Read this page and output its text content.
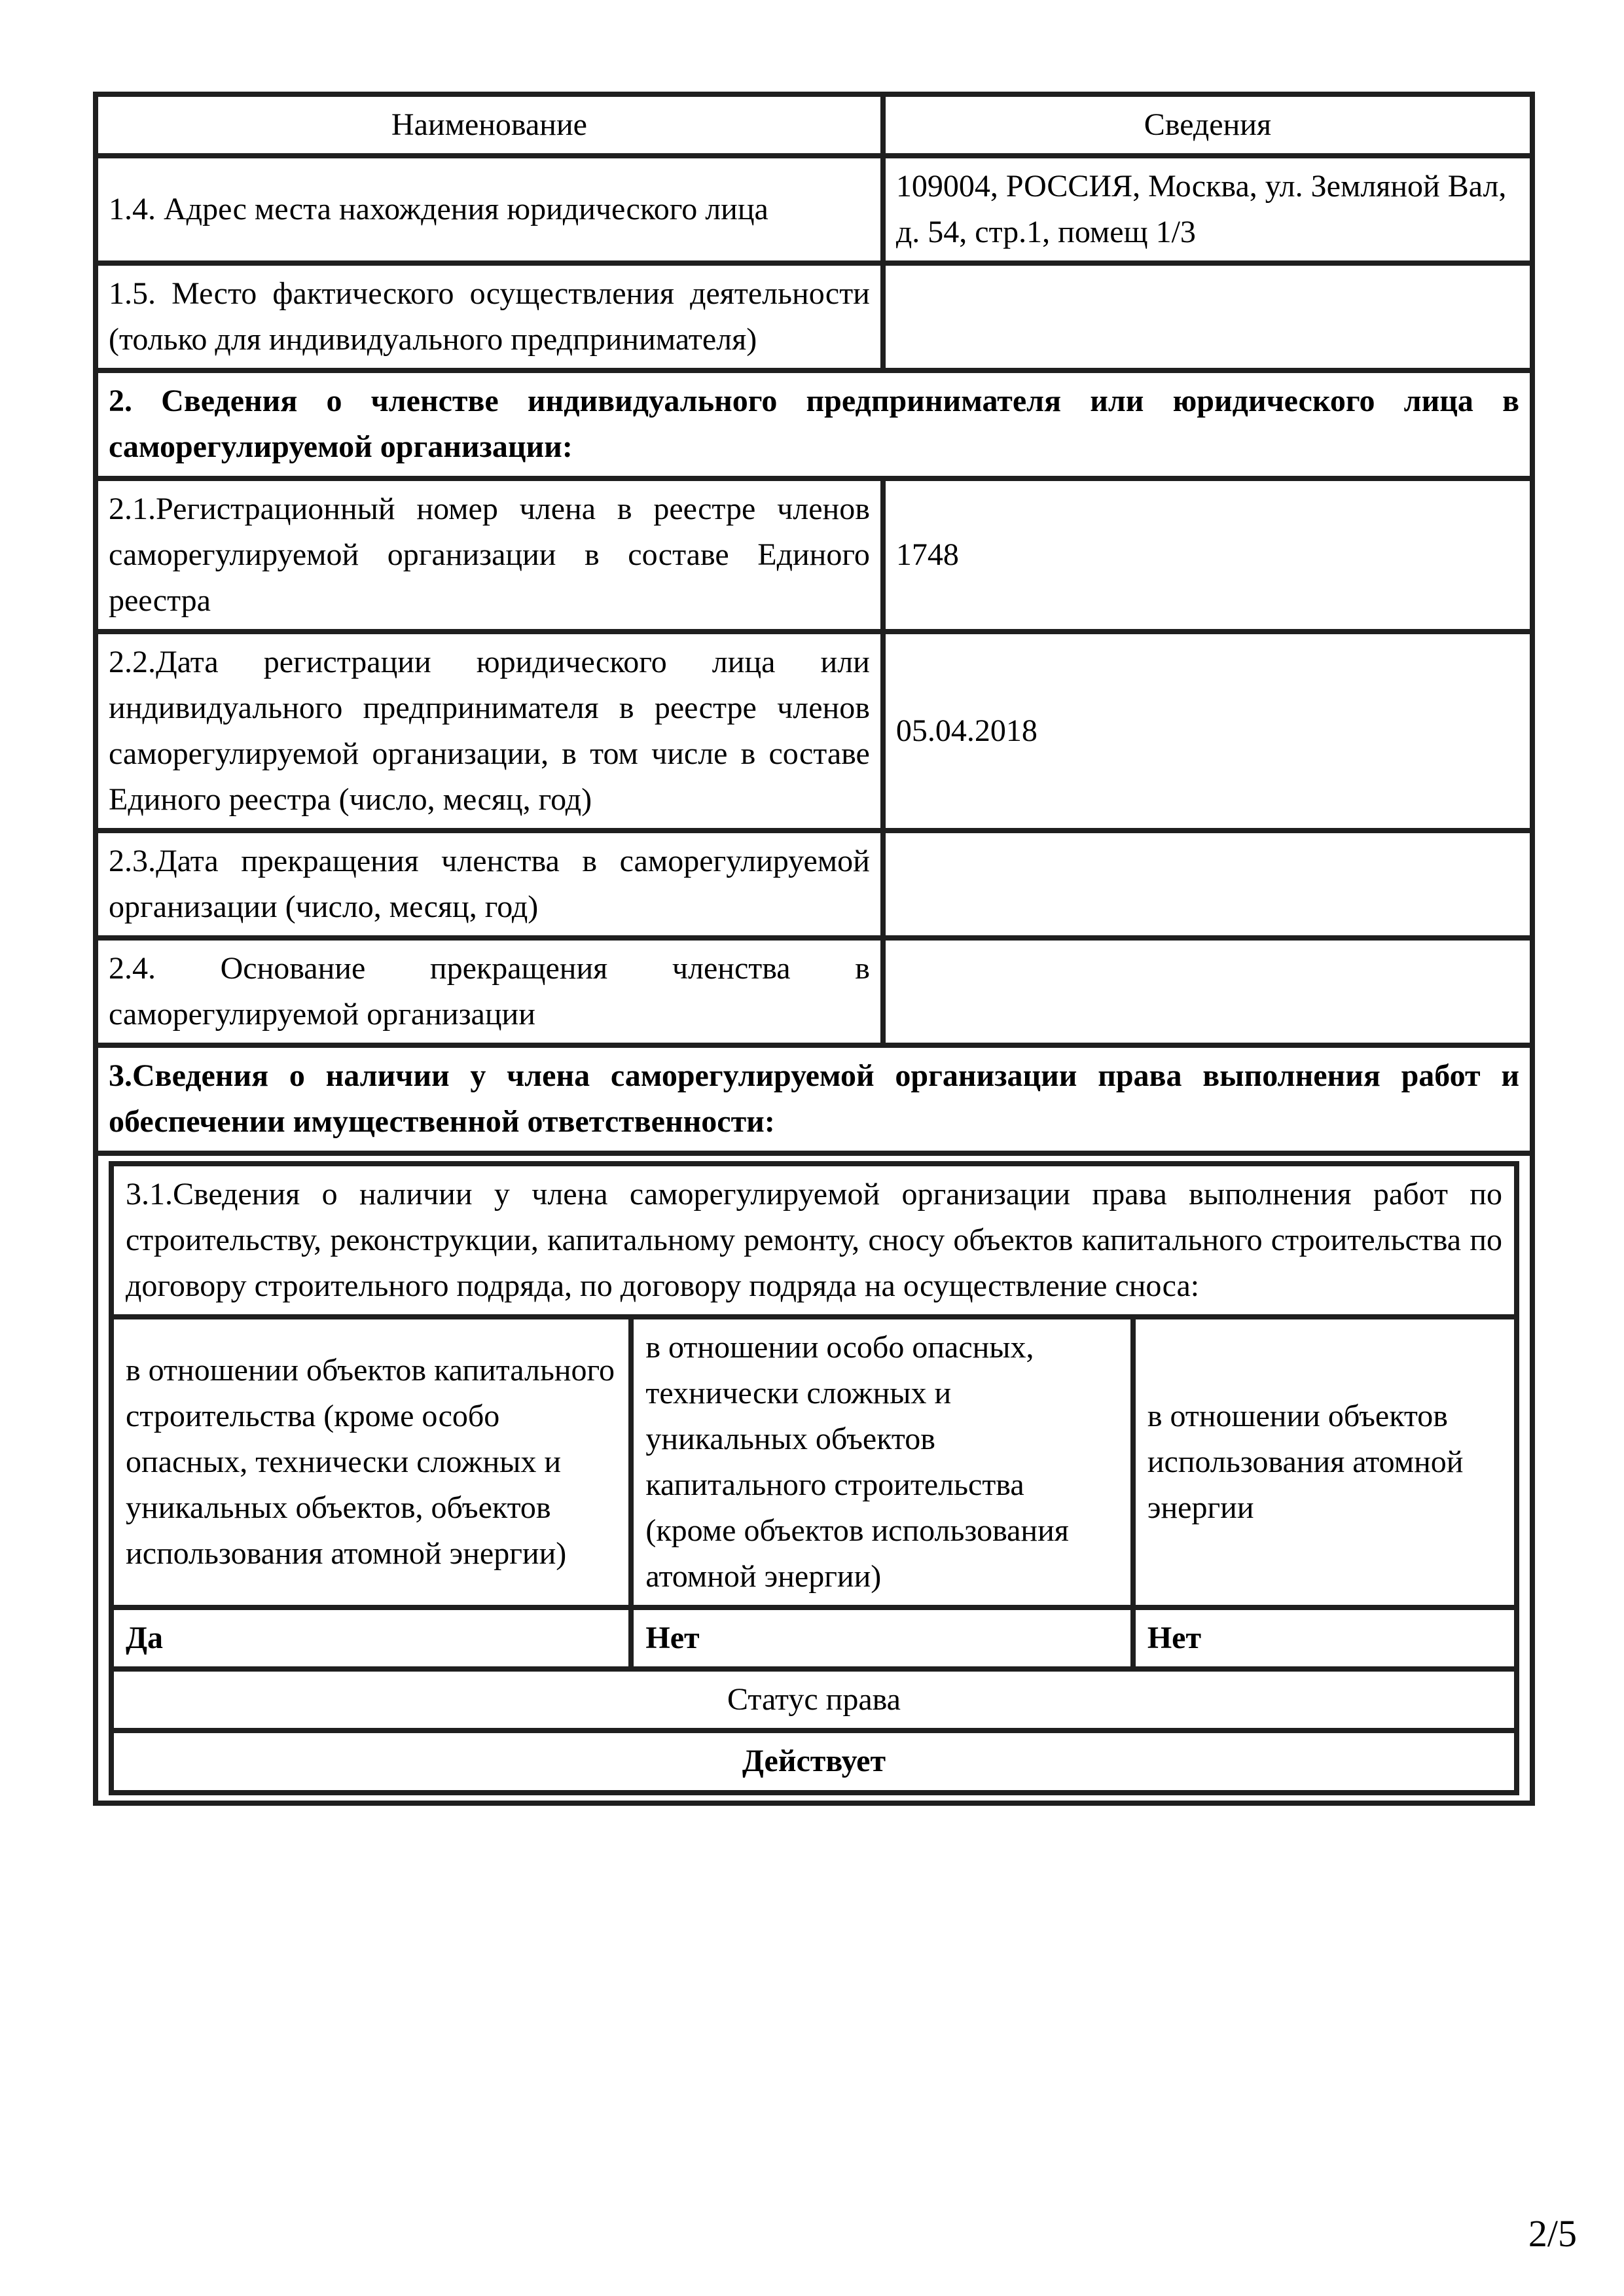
Наименование	Сведения
1.4. Адрес места нахождения юридического лица	109004, РОССИЯ, Москва, ул. Земляной Вал, д. 54, стр.1, помещ 1/3
1.5. Место фактического осуществления деятельности (только для индивидуального предпринимателя)	
2. Сведения о членстве индивидуального предпринимателя или юридического лица в саморегулируемой организации:
2.1.Регистрационный номер члена в реестре членов саморегулируемой организации в составе Единого реестра	1748
2.2.Дата регистрации юридического лица или индивидуального предпринимателя в реестре членов саморегулируемой организации, в том числе в составе Единого реестра (число, месяц, год)	05.04.2018
2.3.Дата прекращения членства в саморегулируемой организации (число, месяц, год)	
2.4. Основание прекращения членства в саморегулируемой организации	
3.Сведения о наличии у члена саморегулируемой организации права выполнения работ и обеспечении имущественной ответственности:

3.1.Сведения о наличии у члена саморегулируемой организации права выполнения работ по строительству, реконструкции, капитальному ремонту, сносу объектов капитального строительства по договору строительного подряда, по договору подряда на осуществление сноса:
в отношении объектов капитального строительства (кроме особо опасных, технически сложных и уникальных объектов, объектов использования атомной энергии)	в отношении особо опасных, технически сложных и уникальных объектов капитального строительства (кроме объектов использования атомной энергии)	в отношении объектов использования атомной энергии
Да	Нет	Нет
Статус права
Действует
2/5
